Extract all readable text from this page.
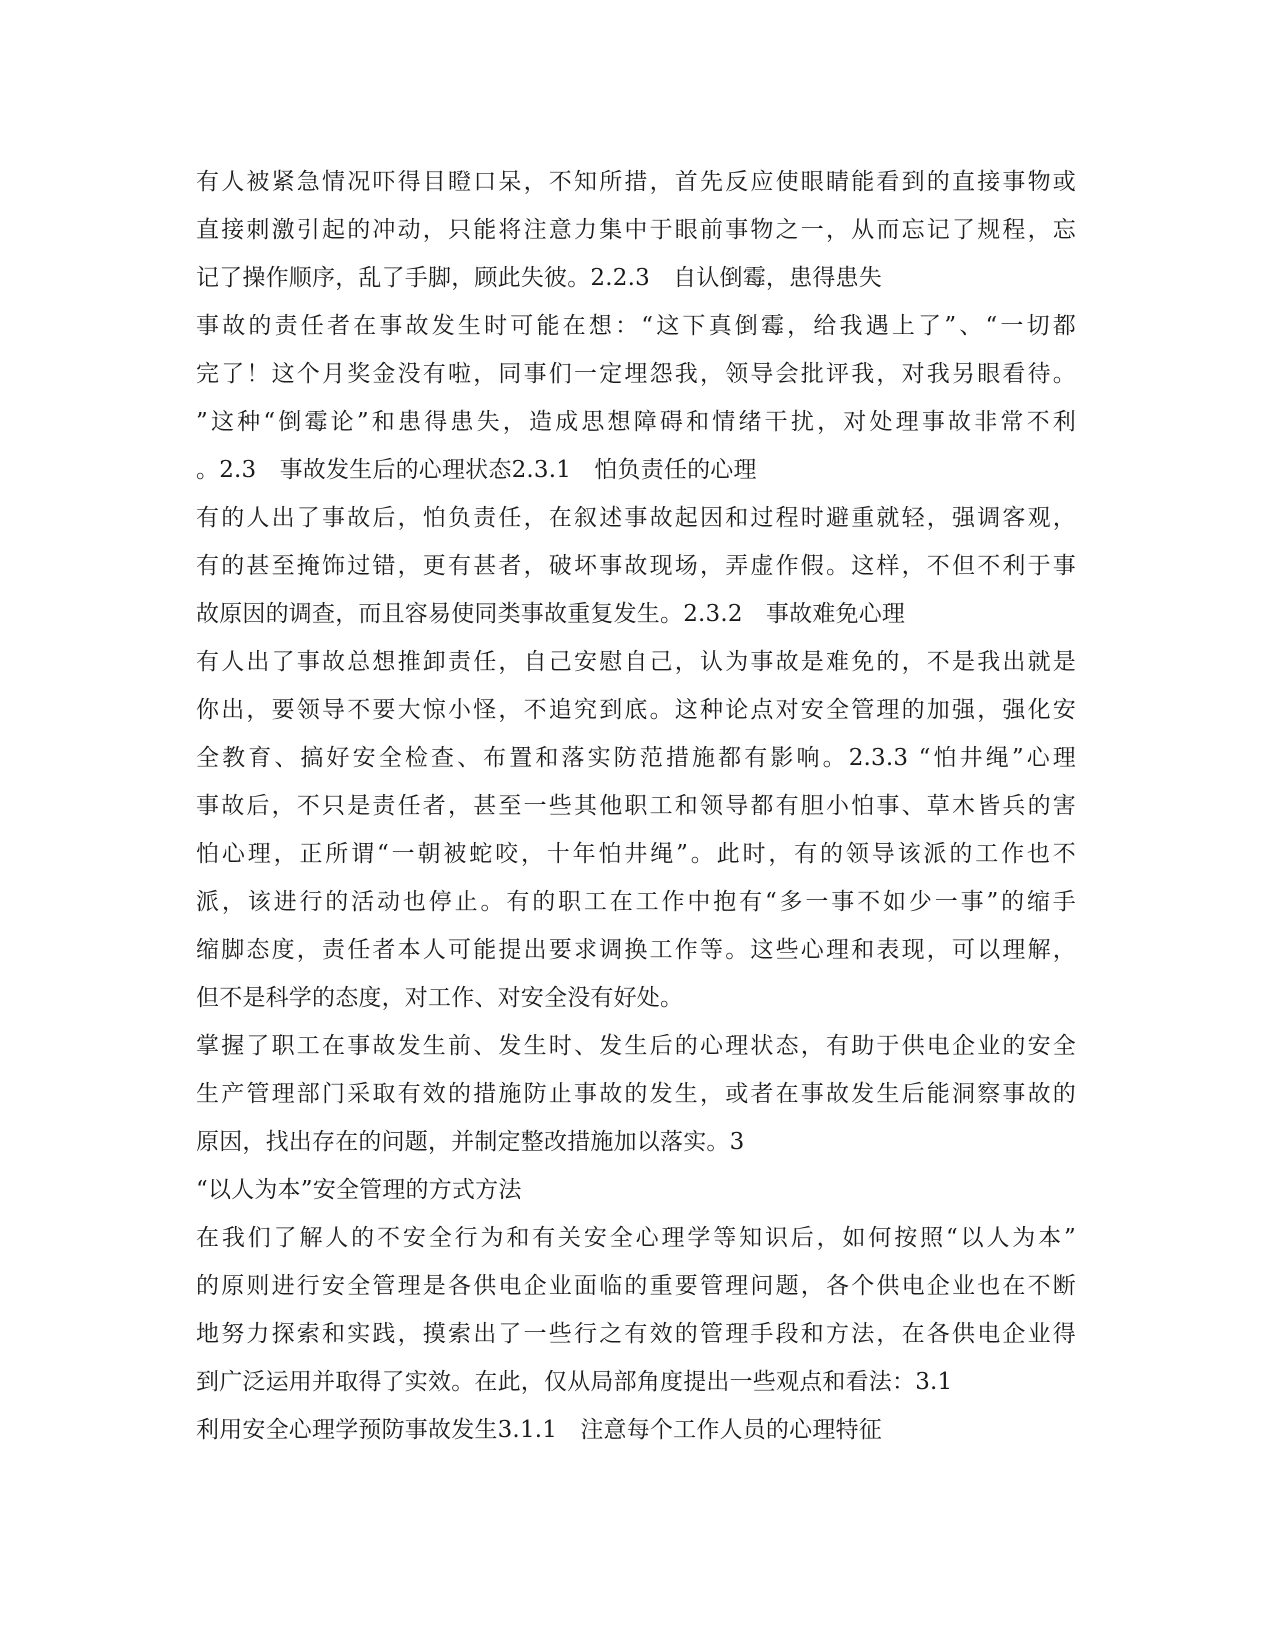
有人被紧急情况吓得目瞪口呆，不知所措，首先反应使眼睛能看到的直接事物或
直接刺激引起的冲动，只能将注意力集中于眼前事物之一，从而忘记了规程，忘
记了操作顺序，乱了手脚，顾此失彼。2.2.3　自认倒霉，患得患失
事故的责任者在事故发生时可能在想：“这下真倒霉，给我遇上了”、“一切都
完了！这个月奖金没有啦，同事们一定埋怨我，领导会批评我，对我另眼看待。
”这种“倒霉论”和患得患失，造成思想障碍和情绪干扰，对处理事故非常不利
。2.3　事故发生后的心理状态2.3.1　怕负责任的心理
有的人出了事故后，怕负责任，在叙述事故起因和过程时避重就轻，强调客观，
有的甚至掩饰过错，更有甚者，破坏事故现场，弄虚作假。这样，不但不利于事
故原因的调查，而且容易使同类事故重复发生。2.3.2　事故难免心理
有人出了事故总想推卸责任，自己安慰自己，认为事故是难免的，不是我出就是
你出，要领导不要大惊小怪，不追究到底。这种论点对安全管理的加强，强化安
全教育、搞好安全检查、布置和落实防范措施都有影响。2.3.3 “怕井绳”心理
事故后，不只是责任者，甚至一些其他职工和领导都有胆小怕事、草木皆兵的害
怕心理，正所谓“一朝被蛇咬，十年怕井绳”。此时，有的领导该派的工作也不
派，该进行的活动也停止。有的职工在工作中抱有“多一事不如少一事”的缩手
缩脚态度，责任者本人可能提出要求调换工作等。这些心理和表现，可以理解，
但不是科学的态度，对工作、对安全没有好处。
掌握了职工在事故发生前、发生时、发生后的心理状态，有助于供电企业的安全
生产管理部门采取有效的措施防止事故的发生，或者在事故发生后能洞察事故的
原因，找出存在的问题，并制定整改措施加以落实。3
“以人为本”安全管理的方式方法
在我们了解人的不安全行为和有关安全心理学等知识后，如何按照“以人为本”
的原则进行安全管理是各供电企业面临的重要管理问题，各个供电企业也在不断
地努力探索和实践，摸索出了一些行之有效的管理手段和方法，在各供电企业得
到广泛运用并取得了实效。在此，仅从局部角度提出一些观点和看法：3.1
利用安全心理学预防事故发生3.1.1　注意每个工作人员的心理特征
